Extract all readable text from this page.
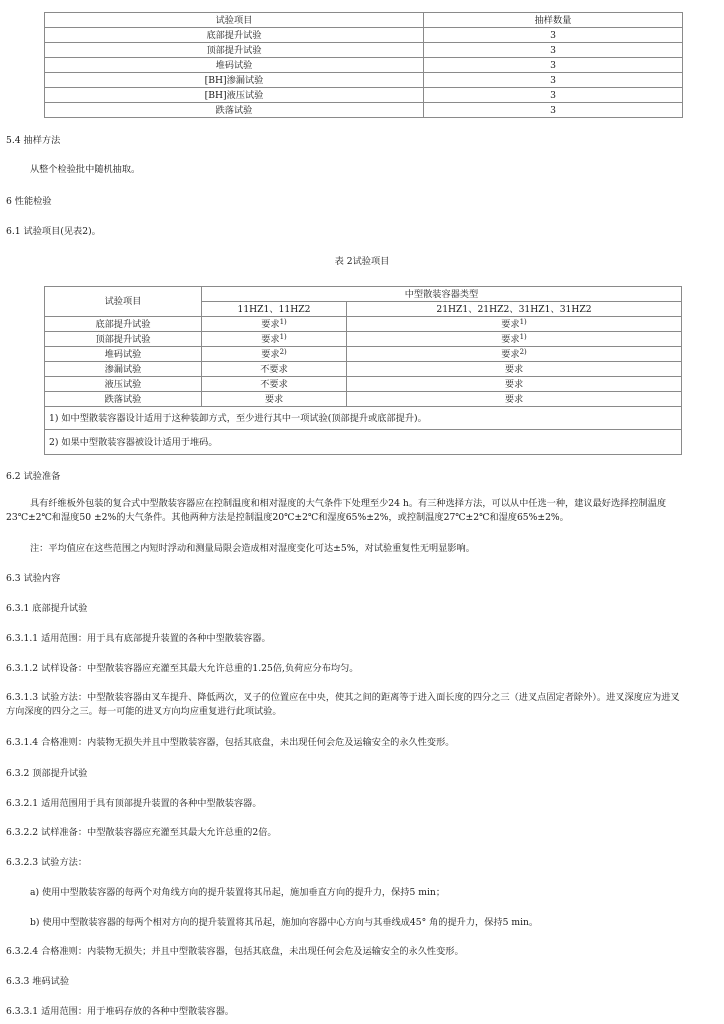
试验项目	抽样数量
底部提升试验	3
顶部提升试验	3
堆码试验	3
[BH]渗漏试验	3
[BH]液压试验	3
跌落试验	3
5.4 抽样方法
从整个检验批中随机抽取。
6 性能检验
6.1 试验项目(见表2)。
表 2试验项目
试验项目	中型散装容器类型	
	11HZ1、11HZ2	21HZ1、21HZ2、31HZ1、31HZ2
底部提升试验	要求$^{1)}$	要求$^{1)}$
顶部提升试验	要求$^{1)}$	要求$^{1)}$
堆码试验	要求$^{2)}$	要求$^{2)}$
渗漏试验	不要求	要求
液压试验	不要求	要求
跌落试验	要求	要求
1) 如中型散装容器设计适用于这种装卸方式，至少进行其中一项试验(顶部提升或底部提升)。		
2) 如果中型散装容器被设计适用于堆码。		
6.2 试验准备
具有纤维板外包装的复合式中型散装容器应在控制温度和相对湿度的大气条件下处理至少24 h。有三种选择方法，可以从中任选一种，建议最好选择控制温度23℃±2℃和湿度50 ±2%的大气条件。其他两种方法是控制温度20℃±2℃和湿度65%±2%，或控制温度27℃±2℃和湿度65%±2%。
注：平均值应在这些范围之内短时浮动和测量局限会造成相对湿度变化可达±5%，对试验重复性无明显影响。
6.3 试验内容
6.3.1 底部提升试验
6.3.1.1 适用范围：用于具有底部提升装置的各种中型散装容器。
6.3.1.2 试样设备：中型散装容器应充灌至其最大允许总重的1.25倍,负荷应分布均匀。
6.3.1.3 试验方法：中型散装容器由叉车提升、降低两次，叉子的位置应在中央，使其之间的距离等于进入面长度的四分之三（进叉点固定者除外）。进叉深度应为进叉方向深度的四分之三。每一可能的进叉方向均应重复进行此项试验。
6.3.1.4 合格准则：内装物无损失并且中型散装容器，包括其底盘，未出现任何会危及运输安全的永久性变形。
6.3.2 顶部提升试验
6.3.2.1 适用范围用于具有顶部提升装置的各种中型散装容器。
6.3.2.2 试样准备：中型散装容器应充灌至其最大允许总重的2倍。
6.3.2.3 试验方法：
a) 使用中型散装容器的每两个对角线方向的提升装置将其吊起，施加垂直方向的提升力，保持5 min；
b) 使用中型散装容器的每两个相对方向的提升装置将其吊起，施加向容器中心方向与其垂线成45° 角的提升力，保持5 min。
6.3.2.4 合格准则：内装物无损失；并且中型散装容器，包括其底盘，未出现任何会危及运输安全的永久性变形。
6.3.3 堆码试验
6.3.3.1 适用范围：用于堆码存放的各种中型散装容器。
